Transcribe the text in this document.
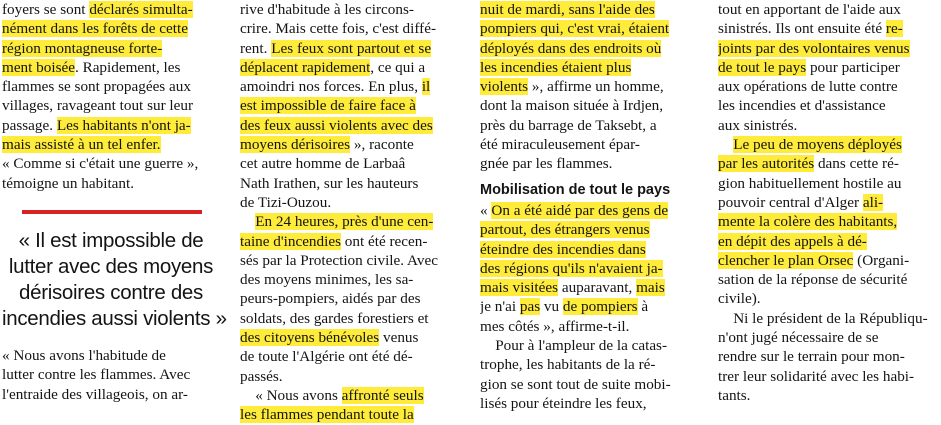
foyers se sont déclarés simulta-
nément dans les forêts de cette
région montagneuse forte-
ment boisée. Rapidement, les
flammes se sont propagées aux
villages, ravageant tout sur leur
passage. Les habitants n'ont ja-
mais assisté à un tel enfer.
« Comme si c'était une guerre »,
témoigne un habitant.
« Il est impossible de
lutter avec des moyens
dérisoires contre des
incendies aussi violents »
« Nous avons l'habitude de
lutter contre les flammes. Avec
l'entraide des villageois, on ar-
rive d'habitude à les circons-
crire. Mais cette fois, c'est diffé-
rent. Les feux sont partout et se
déplacent rapidement, ce qui a
amoindri nos forces. En plus, il
est impossible de faire face à
des feux aussi violents avec des
moyens dérisoires », raconte
cet autre homme de Larbaâ
Nath Irathen, sur les hauteurs
de Tizi-Ouzou.
 En 24 heures, près d'une cen-
taine d'incendies ont été recen-
sés par la Protection civile. Avec
des moyens minimes, les sa-
peurs-pompiers, aidés par des
soldats, des gardes forestiers et
des citoyens bénévoles venus
de toute l'Algérie ont été dé-
passés.
 « Nous avons affronté seuls
les flammes pendant toute la
nuit de mardi, sans l'aide des
pompiers qui, c'est vrai, étaient
déployés dans des endroits où
les incendies étaient plus
violents », affirme un homme,
dont la maison située à Irdjen,
près du barrage de Taksebt, a
été miraculeusement épar-
gnée par les flammes.
Mobilisation de tout le pays
« On a été aidé par des gens de
partout, des étrangers venus
éteindre des incendies dans
des régions qu'ils n'avaient ja-
mais visitées auparavant, mais
je n'ai pas vu de pompiers à
mes côtés », affirme-t-il.
 Pour à l'ampleur de la catas-
trophe, les habitants de la ré-
gion se sont tout de suite mobi-
lisés pour éteindre les feux,
tout en apportant de l'aide aux
sinistrés. Ils ont ensuite été re-
joints par des volontaires venus
de tout le pays pour participer
aux opérations de lutte contre
les incendies et d'assistance
aux sinistrés.
 Le peu de moyens déployés
par les autorités dans cette ré-
gion habituellement hostile au
pouvoir central d'Alger ali-
mente la colère des habitants,
en dépit des appels à dé-
clencher le plan Orsec (Organi-
sation de la réponse de sécurité
civile).
 Ni le président de la Républiqu-
n'ont jugé nécessaire de se
rendre sur le terrain pour mon-
trer leur solidarité avec les habi-
tants.
